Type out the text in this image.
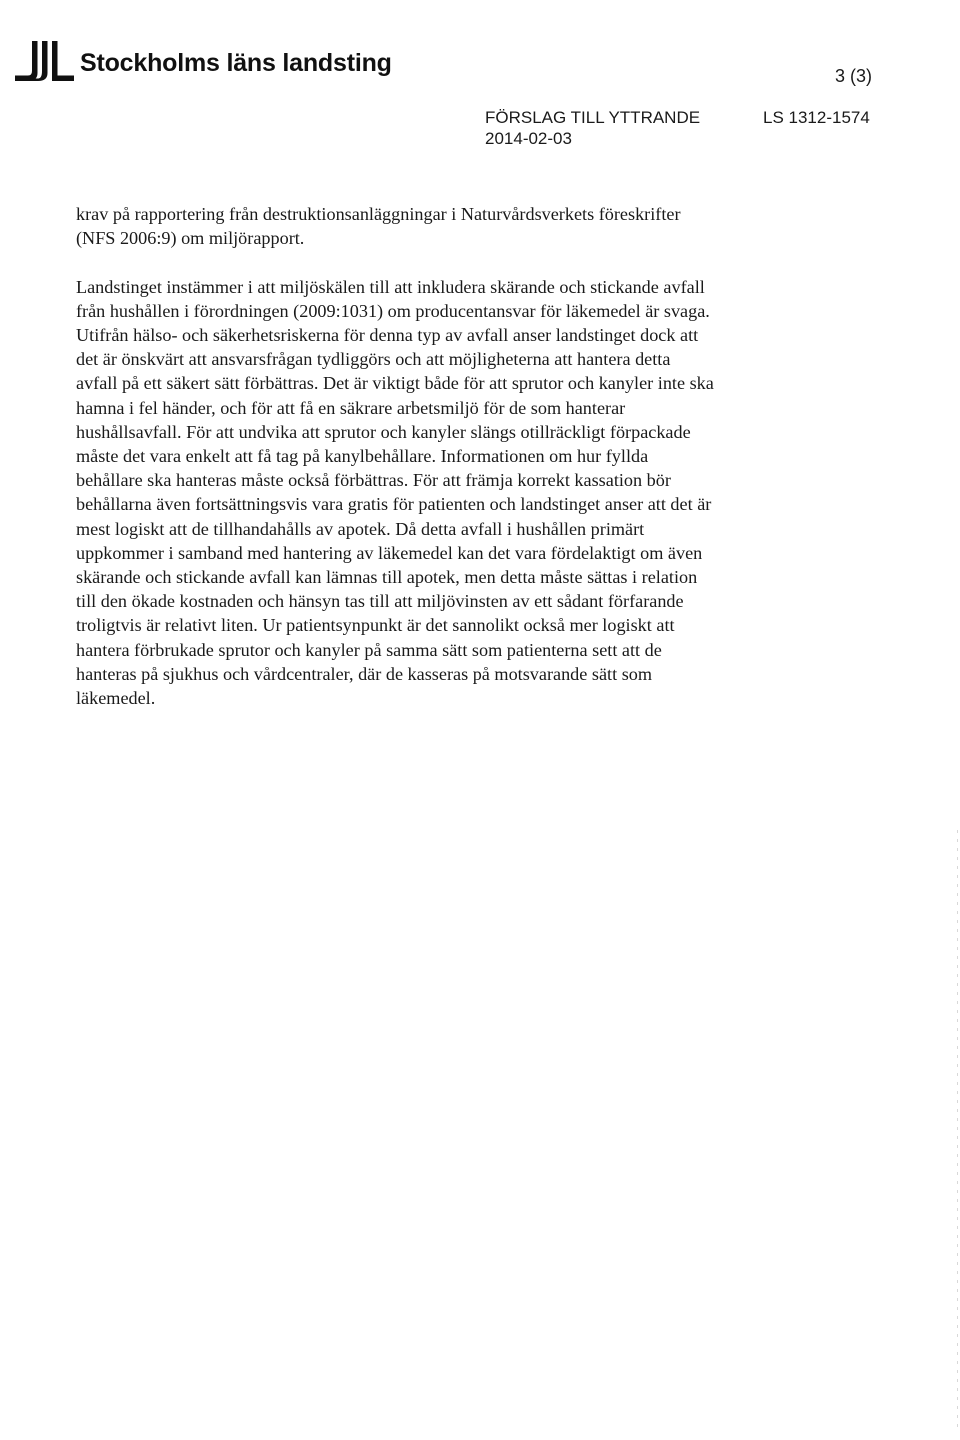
Stockholms läns landsting	3 (3)
FÖRSLAG TILL YTTRANDE
2014-02-03
LS 1312-1574

krav på rapportering från destruktionsanläggningar i Naturvårdsverkets föreskrifter (NFS 2006:9) om miljörapport.

Landstinget instämmer i att miljöskälen till att inkludera skärande och stickande avfall från hushållen i förordningen (2009:1031) om producentansvar för läkemedel är svaga. Utifrån hälso- och säkerhetsriskerna för denna typ av avfall anser landstinget dock att det är önskvärt att ansvarsfrågan tydliggörs och att möjligheterna att hantera detta avfall på ett säkert sätt förbättras. Det är viktigt både för att sprutor och kanyler inte ska hamna i fel händer, och för att få en säkrare arbetsmiljö för de som hanterar hushållsavfall. För att undvika att sprutor och kanyler slängs otillräckligt förpackade måste det vara enkelt att få tag på kanylbehållare. Informationen om hur fyllda behållare ska hanteras måste också förbättras. För att främja korrekt kassation bör behållarna även fortsättningsvis vara gratis för patienten och landstinget anser att det är mest logiskt att de tillhandahålls av apotek. Då detta avfall i hushållen primärt uppkommer i samband med hantering av läkemedel kan det vara fördelaktigt om även skärande och stickande avfall kan lämnas till apotek, men detta måste sättas i relation till den ökade kostnaden och hänsyn tas till att miljövinsten av ett sådant förfarande troligtvis är relativt liten. Ur patientsynpunkt är det sannolikt också mer logiskt att hantera förbrukade sprutor och kanyler på samma sätt som patienterna sett att de hanteras på sjukhus och vårdcentraler, där de kasseras på motsvarande sätt som läkemedel.
